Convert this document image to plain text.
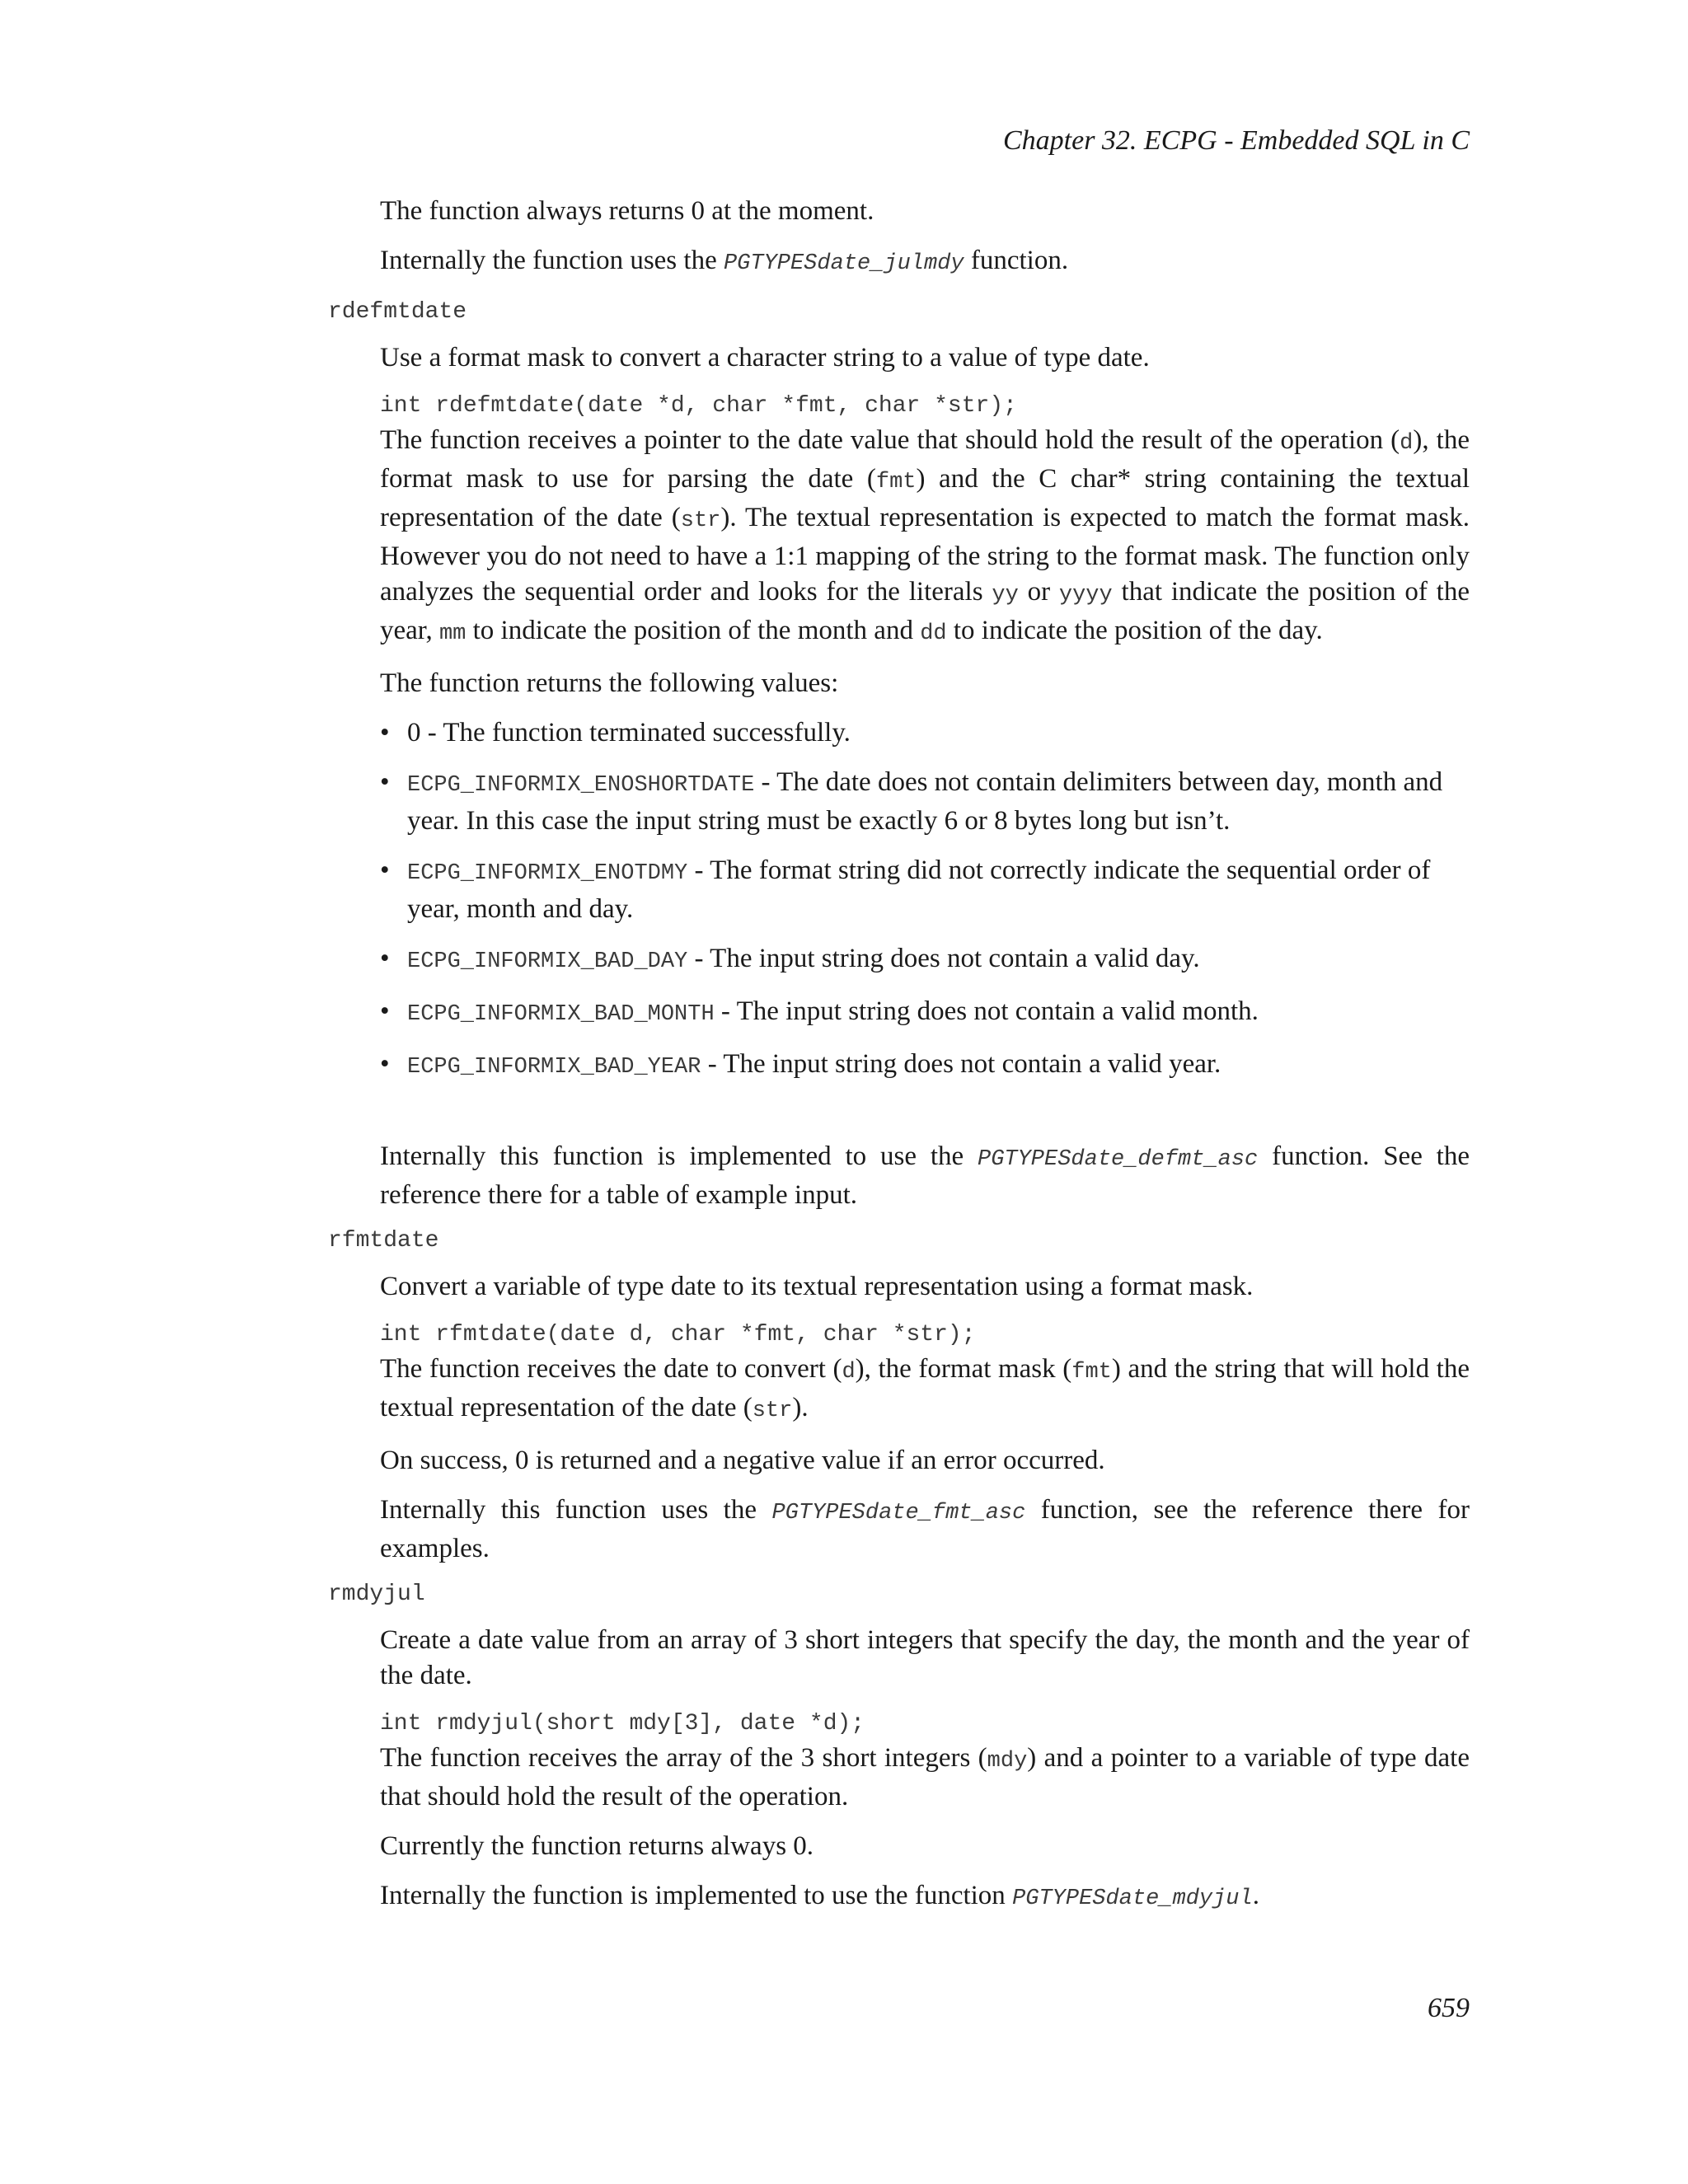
Chapter 32. ECPG - Embedded SQL in C

The function always returns 0 at the moment.

Internally the function uses the PGTYPESdate_julmdy function.

rdefmtdate

Use a format mask to convert a character string to a value of type date.

int rdefmtdate(date *d, char *fmt, char *str);

The function receives a pointer to the date value that should hold the result of the operation (d), the format mask to use for parsing the date (fmt) and the C char* string containing the textual representation of the date (str). The textual representation is expected to match the format mask. However you do not need to have a 1:1 mapping of the string to the format mask. The function only analyzes the sequential order and looks for the literals yy or yyyy that indicate the position of the year, mm to indicate the position of the month and dd to indicate the position of the day.

The function returns the following values:

• 0 - The function terminated successfully.
• ECPG_INFORMIX_ENOSHORTDATE - The date does not contain delimiters between day, month and year. In this case the input string must be exactly 6 or 8 bytes long but isn’t.
• ECPG_INFORMIX_ENOTDMY - The format string did not correctly indicate the sequential order of year, month and day.
• ECPG_INFORMIX_BAD_DAY - The input string does not contain a valid day.
• ECPG_INFORMIX_BAD_MONTH - The input string does not contain a valid month.
• ECPG_INFORMIX_BAD_YEAR - The input string does not contain a valid year.

Internally this function is implemented to use the PGTYPESdate_defmt_asc function. See the reference there for a table of example input.

rfmtdate

Convert a variable of type date to its textual representation using a format mask.

int rfmtdate(date d, char *fmt, char *str);

The function receives the date to convert (d), the format mask (fmt) and the string that will hold the textual representation of the date (str).

On success, 0 is returned and a negative value if an error occurred.

Internally this function uses the PGTYPESdate_fmt_asc function, see the reference there for examples.

rmdyjul

Create a date value from an array of 3 short integers that specify the day, the month and the year of the date.

int rmdyjul(short mdy[3], date *d);

The function receives the array of the 3 short integers (mdy) and a pointer to a variable of type date that should hold the result of the operation.

Currently the function returns always 0.

Internally the function is implemented to use the function PGTYPESdate_mdyjul.

659
